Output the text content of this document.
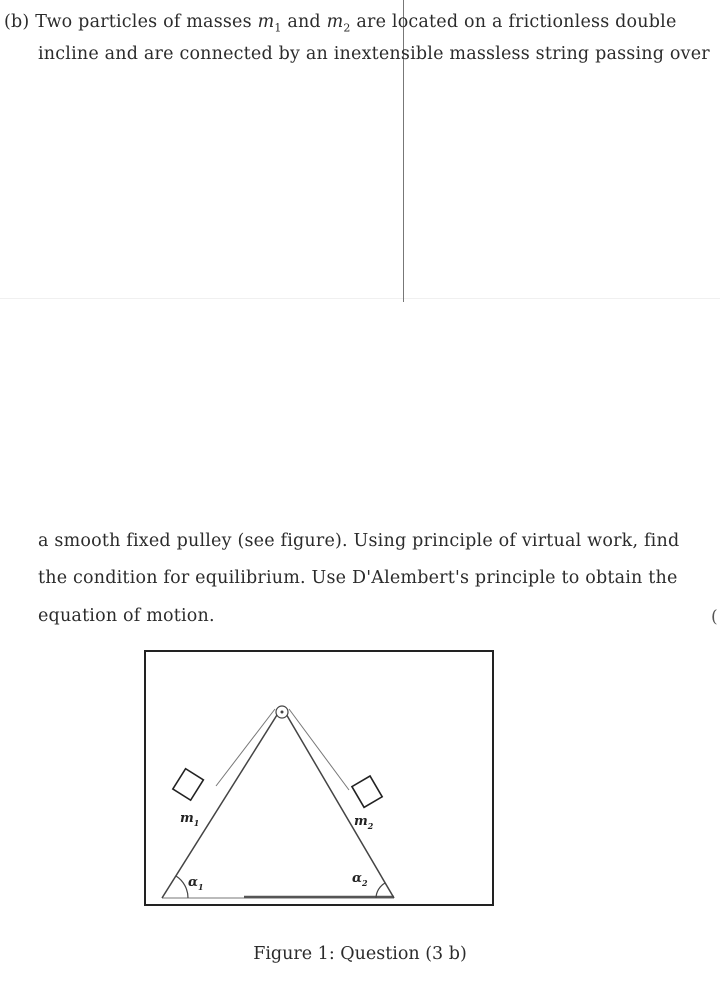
(b) Two particles of masses $m_1$ and $m_2$ are located on a frictionless double
incline and are connected by an inextensible massless string passing over
a smooth fixed pulley (see figure). Using principle of virtual work, find
the condition for equilibrium. Use D'Alembert's principle to obtain the
equation of motion.	(
$m_1$	$m_2$
$\alpha_1$
$\alpha_2$
Figure 1: Question (3 b)
